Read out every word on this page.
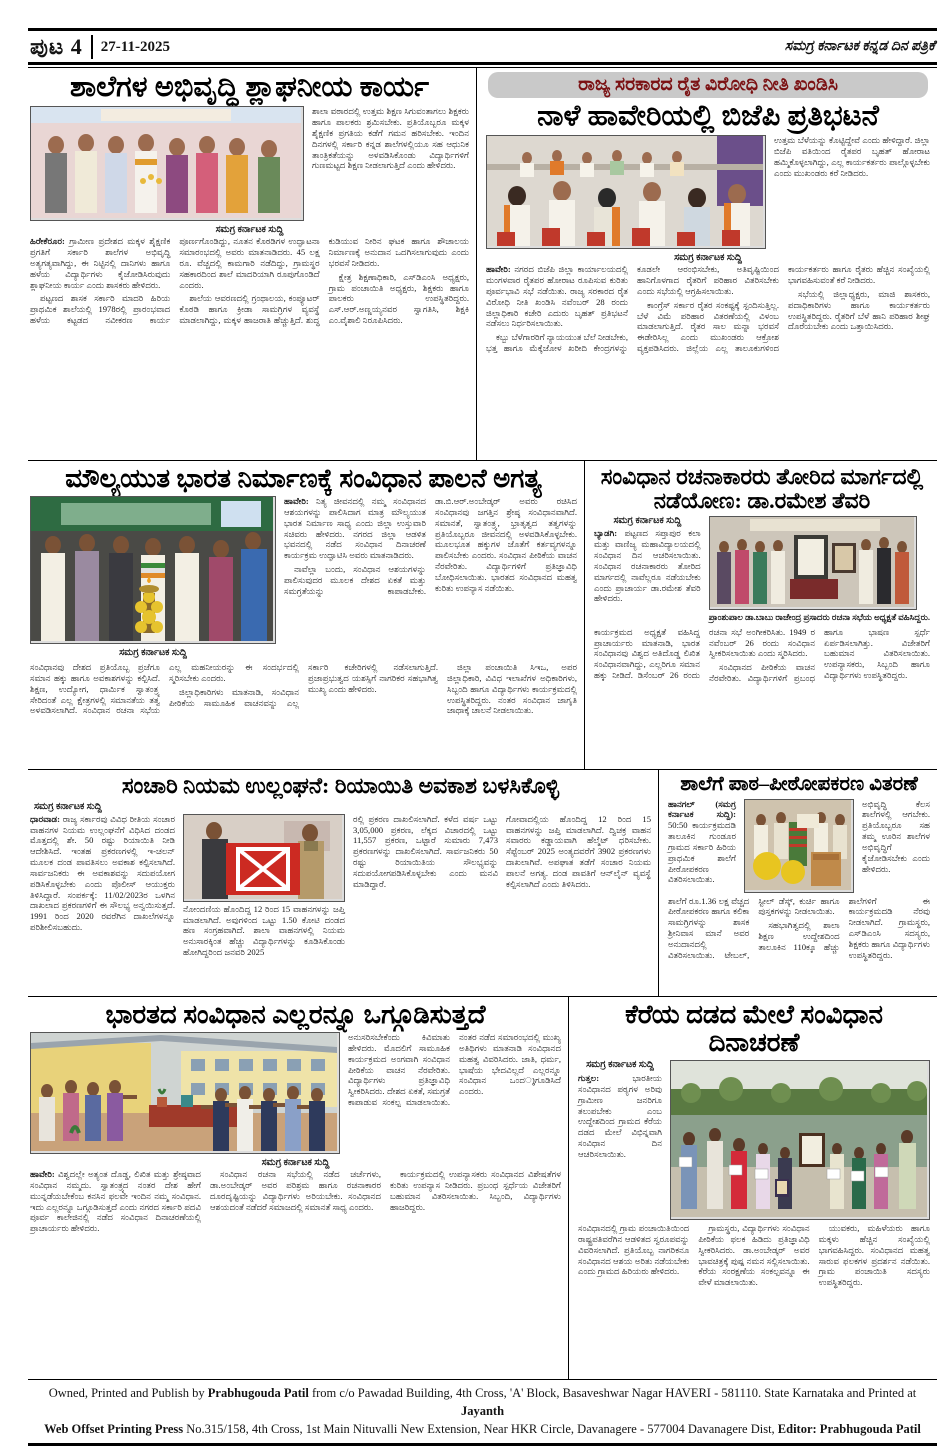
ಪುಟ 4 27-11-2025	ಸಮಗ್ರ ಕರ್ನಾಟಕ ಕನ್ನಡ ದಿನ ಪತ್ರಿಕೆ
ಶಾಲೆಗಳ ಅಭಿವೃದ್ಧಿ ಶ್ಲಾಘನೀಯ ಕಾರ್ಯ

ಶಾಲಾ ವಠಾರದಲ್ಲಿ ಉತ್ತಮ ಶಿಕ್ಷಣ ಸಿಗುವಂತಾಗಲು ಶಿಕ್ಷಕರು ಹಾಗೂ ಪಾಲಕರು ಶ್ರಮಿಸಬೇಕು. ಪ್ರತಿಯೊಬ್ಬರೂ ಮಕ್ಕಳ ಶೈಕ್ಷಣಿಕ ಪ್ರಗತಿಯ ಕಡೆಗೆ ಗಮನ ಹರಿಸಬೇಕು. ಇಂದಿನ ದಿನಗಳಲ್ಲಿ ಸರ್ಕಾರಿ ಕನ್ನಡ ಶಾಲೆಗಳಲ್ಲಿಯೂ ಸಹ ಆಧುನಿಕ ತಾಂತ್ರಿಕತೆಯನ್ನು ಅಳವಡಿಸಿಕೊಂಡು ವಿದ್ಯಾರ್ಥಿಗಳಿಗೆ ಗುಣಮಟ್ಟದ ಶಿಕ್ಷಣ ನೀಡಲಾಗುತ್ತಿದೆ ಎಂದು ಹೇಳಿದರು.

ಸಮಗ್ರ ಕರ್ನಾಟಕ ಸುದ್ದಿ

ಹಿರೇಕೆರೂರ: ಗ್ರಾಮೀಣ ಪ್ರದೇಶದ ಮಕ್ಕಳ ಶೈಕ್ಷಣಿಕ ಪ್ರಗತಿಗೆ ಸರ್ಕಾರಿ ಶಾಲೆಗಳ ಅಭಿವೃದ್ಧಿ ಅತ್ಯಗತ್ಯವಾಗಿದ್ದು, ಈ ನಿಟ್ಟಿನಲ್ಲಿ ದಾನಿಗಳು ಹಾಗೂ ಹಳೆಯ ವಿದ್ಯಾರ್ಥಿಗಳು ಕೈಜೋಡಿಸಿರುವುದು ಶ್ಲಾಘನೀಯ ಕಾರ್ಯ ಎಂದು ಶಾಸಕರು ಹೇಳಿದರು.

ಪಟ್ಟಣದ ಶಾಸಕ ಸರ್ಕಾರಿ ಮಾದರಿ ಹಿರಿಯ ಪ್ರಾಥಮಿಕ ಶಾಲೆಯಲ್ಲಿ 1978ರಲ್ಲಿ ಪ್ರಾರಂಭವಾದ ಹಳೆಯ ಕಟ್ಟಡದ ನವೀಕರಣ ಕಾರ್ಯ ಪೂರ್ಣಗೊಂಡಿದ್ದು, ನೂತನ ಕೊಠಡಿಗಳ ಉದ್ಘಾಟನಾ ಸಮಾರಂಭದಲ್ಲಿ ಅವರು ಮಾತನಾಡಿದರು. 45 ಲಕ್ಷ ರೂ. ವೆಚ್ಚದಲ್ಲಿ ಕಾಮಗಾರಿ ನಡೆದಿದ್ದು, ಗ್ರಾಮಸ್ಥರ ಸಹಕಾರದಿಂದ ಶಾಲೆ ಮಾದರಿಯಾಗಿ ರೂಪುಗೊಂಡಿದೆ ಎಂದರು.

ಶಾಲೆಯ ಆವರಣದಲ್ಲಿ ಗ್ರಂಥಾಲಯ, ಕಂಪ್ಯೂಟರ್ ಕೊಠಡಿ ಹಾಗೂ ಕ್ರೀಡಾ ಸಾಮಗ್ರಿಗಳ ವ್ಯವಸ್ಥೆ ಮಾಡಲಾಗಿದ್ದು, ಮಕ್ಕಳ ಹಾಜರಾತಿ ಹೆಚ್ಚುತ್ತಿದೆ. ಶುದ್ಧ ಕುಡಿಯುವ ನೀರಿನ ಘಟಕ ಹಾಗೂ ಶೌಚಾಲಯ ನಿರ್ಮಾಣಕ್ಕೆ ಅನುದಾನ ಒದಗಿಸಲಾಗುವುದು ಎಂದು ಭರವಸೆ ನೀಡಿದರು.

ಕ್ಷೇತ್ರ ಶಿಕ್ಷಣಾಧಿಕಾರಿ, ಎಸ್‌ಡಿಎಂಸಿ ಅಧ್ಯಕ್ಷರು, ಗ್ರಾಮ ಪಂಚಾಯಿತಿ ಅಧ್ಯಕ್ಷರು, ಶಿಕ್ಷಕರು ಹಾಗೂ ಪಾಲಕರು ಉಪಸ್ಥಿತರಿದ್ದರು. ಎಸ್.ಆರ್.ಅಣ್ಣಯ್ಯನವರ ಸ್ವಾಗತಿಸಿ, ಶಿಕ್ಷಕಿ ಎಂ.ವೈಶಾಲಿ ನಿರೂಪಿಸಿದರು.

ರಾಜ್ಯ ಸರಕಾರದ ರೈತ ವಿರೋಧಿ ನೀತಿ ಖಂಡಿಸಿ
ನಾಳೆ ಹಾವೇರಿಯಲ್ಲಿ ಬಿಜೆಪಿ ಪ್ರತಿಭಟನೆ

ಉತ್ತಮ ಬೆಳೆಯನ್ನು ಕೊಟ್ಟಿದ್ದೇವೆ ಎಂದು ಹೇಳಿದ್ದಾರೆ. ಜಿಲ್ಲಾ ಬಿಜೆಪಿ ವತಿಯಿಂದ ರೈತಪರ ಬೃಹತ್ ಹೋರಾಟ ಹಮ್ಮಿಕೊಳ್ಳಲಾಗಿದ್ದು, ಎಲ್ಲ ಕಾರ್ಯಕರ್ತರು ಪಾಲ್ಗೊಳ್ಳಬೇಕು ಎಂದು ಮುಖಂಡರು ಕರೆ ನೀಡಿದರು.

ಸಮಗ್ರ ಕರ್ನಾಟಕ ಸುದ್ದಿ

ಹಾವೇರಿ: ನಗರದ ಬಿಜೆಪಿ ಜಿಲ್ಲಾ ಕಾರ್ಯಾಲಯದಲ್ಲಿ ಮಂಗಳವಾರ ರೈತಪರ ಹೋರಾಟ ರೂಪಿಸುವ ಕುರಿತು ಪೂರ್ವಭಾವಿ ಸಭೆ ನಡೆಯಿತು. ರಾಜ್ಯ ಸರಕಾರದ ರೈತ ವಿರೋಧಿ ನೀತಿ ಖಂಡಿಸಿ ನವೆಂಬರ್ 28 ರಂದು ಜಿಲ್ಲಾಧಿಕಾರಿ ಕಚೇರಿ ಎದುರು ಬೃಹತ್ ಪ್ರತಿಭಟನೆ ನಡೆಸಲು ನಿರ್ಧರಿಸಲಾಯಿತು.

ಕಬ್ಬು ಬೆಳೆಗಾರರಿಗೆ ನ್ಯಾಯಯುತ ಬೆಲೆ ನೀಡಬೇಕು, ಭತ್ತ ಹಾಗೂ ಮೆಕ್ಕೆಜೋಳ ಖರೀದಿ ಕೇಂದ್ರಗಳನ್ನು ಕೂಡಲೇ ಆರಂಭಿಸಬೇಕು, ಅತಿವೃಷ್ಟಿಯಿಂದ ಹಾನಿಗೊಳಗಾದ ರೈತರಿಗೆ ಪರಿಹಾರ ವಿತರಿಸಬೇಕು ಎಂದು ಸಭೆಯಲ್ಲಿ ಆಗ್ರಹಿಸಲಾಯಿತು.

ಕಾಂಗ್ರೆಸ್ ಸರ್ಕಾರ ರೈತರ ಸಂಕಷ್ಟಕ್ಕೆ ಸ್ಪಂದಿಸುತ್ತಿಲ್ಲ. ಬೆಳೆ ವಿಮೆ ಪರಿಹಾರ ವಿತರಣೆಯಲ್ಲಿ ವಿಳಂಬ ಮಾಡಲಾಗುತ್ತಿದೆ. ರೈತರ ಸಾಲ ಮನ್ನಾ ಭರವಸೆ ಈಡೇರಿಸಿಲ್ಲ ಎಂದು ಮುಖಂಡರು ಆಕ್ರೋಶ ವ್ಯಕ್ತಪಡಿಸಿದರು. ಜಿಲ್ಲೆಯ ಎಲ್ಲ ತಾಲೂಕುಗಳಿಂದ ಕಾರ್ಯಕರ್ತರು ಹಾಗೂ ರೈತರು ಹೆಚ್ಚಿನ ಸಂಖ್ಯೆಯಲ್ಲಿ ಭಾಗವಹಿಸುವಂತೆ ಕರೆ ನೀಡಿದರು.

ಸಭೆಯಲ್ಲಿ ಜಿಲ್ಲಾಧ್ಯಕ್ಷರು, ಮಾಜಿ ಶಾಸಕರು, ಪದಾಧಿಕಾರಿಗಳು ಹಾಗೂ ಕಾರ್ಯಕರ್ತರು ಉಪಸ್ಥಿತರಿದ್ದರು. ರೈತರಿಗೆ ಬೆಳೆ ಹಾನಿ ಪರಿಹಾರ ಶೀಘ್ರ ದೊರೆಯಬೇಕು ಎಂದು ಒತ್ತಾಯಿಸಿದರು.

ಮೌಲ್ಯಯುತ ಭಾರತ ನಿರ್ಮಾಣಕ್ಕೆ ಸಂವಿಧಾನ ಪಾಲನೆ ಅಗತ್ಯ
ಸಮಗ್ರ ಕರ್ನಾಟಕ ಸುದ್ದಿ

ಹಾವೇರಿ: ನಿತ್ಯ ಜೀವನದಲ್ಲಿ ನಮ್ಮ ಸಂವಿಧಾನದ ಆಶಯಗಳನ್ನು ಪಾಲಿಸಿದಾಗ ಮಾತ್ರ ಮೌಲ್ಯಯುತ ಭಾರತ ನಿರ್ಮಾಣ ಸಾಧ್ಯ ಎಂದು ಜಿಲ್ಲಾ ಉಸ್ತುವಾರಿ ಸಚಿವರು ಹೇಳಿದರು. ನಗರದ ಜಿಲ್ಲಾ ಆಡಳಿತ ಭವನದಲ್ಲಿ ನಡೆದ ಸಂವಿಧಾನ ದಿನಾಚರಣೆ ಕಾರ್ಯಕ್ರಮ ಉದ್ಘಾಟಿಸಿ ಅವರು ಮಾತನಾಡಿದರು.

ನಾವೆಲ್ಲಾ ಬಂದು, ಸಂವಿಧಾನ ಆಶಯಗಳನ್ನು ಪಾಲಿಸುವುದರ ಮೂಲಕ ದೇಶದ ಏಕತೆ ಮತ್ತು ಸಮಗ್ರತೆಯನ್ನು ಕಾಪಾಡಬೇಕು. ಡಾ.ಬಿ.ಆರ್.ಅಂಬೇಡ್ಕರ್ ಅವರು ರಚಿಸಿದ ಸಂವಿಧಾನವು ಜಗತ್ತಿನ ಶ್ರೇಷ್ಠ ಸಂವಿಧಾನವಾಗಿದೆ. ಸಮಾನತೆ, ಸ್ವಾತಂತ್ರ್ಯ, ಭ್ರಾತೃತ್ವದ ತತ್ವಗಳನ್ನು ಪ್ರತಿಯೊಬ್ಬರೂ ಜೀವನದಲ್ಲಿ ಅಳವಡಿಸಿಕೊಳ್ಳಬೇಕು. ಮೂಲಭೂತ ಹಕ್ಕುಗಳ ಜೊತೆಗೆ ಕರ್ತವ್ಯಗಳನ್ನೂ ಪಾಲಿಸಬೇಕು ಎಂದರು. ಸಂವಿಧಾನ ಪೀಠಿಕೆಯ ವಾಚನ ನೆರವೇರಿತು. ವಿದ್ಯಾರ್ಥಿಗಳಿಗೆ ಪ್ರತಿಜ್ಞಾವಿಧಿ ಬೋಧಿಸಲಾಯಿತು. ಭಾರತದ ಸಂವಿಧಾನದ ಮಹತ್ವ ಕುರಿತು ಉಪನ್ಯಾಸ ನಡೆಯಿತು.

ಸಂವಿಧಾನವು ದೇಶದ ಪ್ರತಿಯೊಬ್ಬ ಪ್ರಜೆಗೂ ಸಮಾನ ಹಕ್ಕು ಹಾಗೂ ಅವಕಾಶಗಳನ್ನು ಕಲ್ಪಿಸಿದೆ. ಶಿಕ್ಷಣ, ಉದ್ಯೋಗ, ಧಾರ್ಮಿಕ ಸ್ವಾತಂತ್ರ್ಯ ಸೇರಿದಂತೆ ಎಲ್ಲ ಕ್ಷೇತ್ರಗಳಲ್ಲಿ ಸಮಾನತೆಯ ತತ್ವ ಅಳವಡಿಸಲಾಗಿದೆ. ಸಂವಿಧಾನ ರಚನಾ ಸಭೆಯ ಎಲ್ಲ ಮಹನೀಯರನ್ನು ಈ ಸಂದರ್ಭದಲ್ಲಿ ಸ್ಮರಿಸಬೇಕು ಎಂದರು.

ಜಿಲ್ಲಾಧಿಕಾರಿಗಳು ಮಾತನಾಡಿ, ಸಂವಿಧಾನ ಪೀಠಿಕೆಯ ಸಾಮೂಹಿಕ ವಾಚನವನ್ನು ಎಲ್ಲ ಸರ್ಕಾರಿ ಕಚೇರಿಗಳಲ್ಲಿ ನಡೆಸಲಾಗುತ್ತಿದೆ. ಪ್ರಜಾಪ್ರಭುತ್ವದ ಯಶಸ್ಸಿಗೆ ನಾಗರಿಕರ ಸಹಭಾಗಿತ್ವ ಮುಖ್ಯ ಎಂದು ಹೇಳಿದರು.

ಜಿಲ್ಲಾ ಪಂಚಾಯಿತಿ ಸಿಇಒ, ಅಪರ ಜಿಲ್ಲಾಧಿಕಾರಿ, ವಿವಿಧ ಇಲಾಖೆಗಳ ಅಧಿಕಾರಿಗಳು, ಸಿಬ್ಬಂದಿ ಹಾಗೂ ವಿದ್ಯಾರ್ಥಿಗಳು ಕಾರ್ಯಕ್ರಮದಲ್ಲಿ ಉಪಸ್ಥಿತರಿದ್ದರು. ನಂತರ ಸಂವಿಧಾನ ಜಾಗೃತಿ ಜಾಥಾಕ್ಕೆ ಚಾಲನೆ ನೀಡಲಾಯಿತು.

ಸಂವಿಧಾನ ರಚನಾಕಾರರು ತೋರಿದ ಮಾರ್ಗದಲ್ಲಿ
ನಡೆಯೋಣ: ಡಾ.ರಮೇಶ ತೆವರಿ
ಸಮಗ್ರ ಕರ್ನಾಟಕ ಸುದ್ದಿ

ಬ್ಯಾಡಗಿ: ಪಟ್ಟಣದ ಸಪ್ತಾಪುರ ಕಲಾ ಮತ್ತು ವಾಣಿಜ್ಯ ಮಹಾವಿದ್ಯಾಲಯದಲ್ಲಿ ಸಂವಿಧಾನ ದಿನ ಆಚರಿಸಲಾಯಿತು. ಸಂವಿಧಾನ ರಚನಾಕಾರರು ತೋರಿದ ಮಾರ್ಗದಲ್ಲಿ ನಾವೆಲ್ಲರೂ ನಡೆಯಬೇಕು ಎಂದು ಪ್ರಾಚಾರ್ಯ ಡಾ.ರಮೇಶ ತೆವರಿ ಹೇಳಿದರು.

ಪ್ರಾಂಶುಪಾಲ ಡಾ.ಬಾಬು ರಾಜೇಂದ್ರ ಪ್ರಸಾದರು ರಚನಾ ಸಭೆಯ ಅಧ್ಯಕ್ಷತೆ ವಹಿಸಿದ್ದರು.

ಕಾರ್ಯಕ್ರಮದ ಅಧ್ಯಕ್ಷತೆ ವಹಿಸಿದ್ದ ಪ್ರಾಚಾರ್ಯರು ಮಾತನಾಡಿ, ಭಾರತ ಸಂವಿಧಾನವು ವಿಶ್ವದ ಅತಿದೊಡ್ಡ ಲಿಖಿತ ಸಂವಿಧಾನವಾಗಿದ್ದು, ಎಲ್ಲರಿಗೂ ಸಮಾನ ಹಕ್ಕು ನೀಡಿದೆ. ಡಿಸೆಂಬರ್ 26 ರಂದು ರಚನಾ ಸಭೆ ಅಂಗೀಕರಿಸಿತು. 1949 ರ ನವೆಂಬರ್ 26 ರಂದು ಸಂವಿಧಾನ ಸ್ವೀಕರಿಸಲಾಯಿತು ಎಂದು ಸ್ಮರಿಸಿದರು.

ಸಂವಿಧಾನದ ಪೀಠಿಕೆಯ ವಾಚನ ನೆರವೇರಿತು. ವಿದ್ಯಾರ್ಥಿಗಳಿಗೆ ಪ್ರಬಂಧ ಹಾಗೂ ಭಾಷಣ ಸ್ಪರ್ಧೆ ಏರ್ಪಡಿಸಲಾಗಿತ್ತು. ವಿಜೇತರಿಗೆ ಬಹುಮಾನ ವಿತರಿಸಲಾಯಿತು. ಉಪನ್ಯಾಸಕರು, ಸಿಬ್ಬಂದಿ ಹಾಗೂ ವಿದ್ಯಾರ್ಥಿಗಳು ಉಪಸ್ಥಿತರಿದ್ದರು.

ಸಂಚಾರಿ ನಿಯಮ ಉಲ್ಲಂಘನೆ: ರಿಯಾಯಿತಿ ಅವಕಾಶ ಬಳಸಿಕೊಳ್ಳಿ
ಸಮಗ್ರ ಕರ್ನಾಟಕ ಸುದ್ದಿ

ಧಾರವಾಡ: ರಾಜ್ಯ ಸರ್ಕಾರವು ವಿವಿಧ ರೀತಿಯ ಸಂಚಾರ ವಾಹನಗಳ ನಿಯಮ ಉಲ್ಲಂಘನೆಗೆ ವಿಧಿಸಿದ ದಂಡದ ಮೊತ್ತದಲ್ಲಿ ಶೇ. 50 ರಷ್ಟು ರಿಯಾಯಿತಿ ನೀಡಿ ಆದೇಶಿಸಿದೆ. ಇಂತಹ ಪ್ರಕರಣಗಳಲ್ಲಿ ಇ-ಚಲನ್ ಮೂಲಕ ದಂಡ ಪಾವತಿಸಲು ಅವಕಾಶ ಕಲ್ಪಿಸಲಾಗಿದೆ. ಸಾರ್ವಜನಿಕರು ಈ ಅವಕಾಶವನ್ನು ಸದುಪಯೋಗ ಪಡಿಸಿಕೊಳ್ಳಬೇಕು ಎಂದು ಪೊಲೀಸ್ ಆಯುಕ್ತರು ತಿಳಿಸಿದ್ದಾರೆ. ಸಂಪರ್ಕಕ್ಕೆ: 11/02/2023ರ ಒಳಗಿನ ದಾಖಲಾದ ಪ್ರಕರಣಗಳಿಗೆ ಈ ಸೌಲಭ್ಯ ಅನ್ವಯಿಸುತ್ತದೆ. 1991 ರಿಂದ 2020 ರವರೆಗಿನ ದಾಖಲೆಗಳನ್ನೂ ಪರಿಶೀಲಿಸಬಹುದು.

ನೋಂದಣಿಯ ಹೊಂದಿದ್ದ 12 ರಿಂದ 15 ವಾಹನಗಳನ್ನು ಜಪ್ತಿ ಮಾಡಲಾಗಿದೆ. ಅವುಗಳಿಂದ ಒಟ್ಟು 1.50 ಕೋಟಿ ದಂಡದ ಹಣ ಸಂಗ್ರಹವಾಗಿದೆ. ಶಾಲಾ ವಾಹನಗಳಲ್ಲಿ ನಿಯಮ ಅನುಸಾರಕ್ಕಿಂತ ಹೆಚ್ಚು ವಿದ್ಯಾರ್ಥಿಗಳನ್ನು ಕೂಡಿಸಿಕೊಂಡು ಹೋಗಿದ್ದರಿಂದ ಜನವರಿ 2025

ರಲ್ಲಿ ಪ್ರಕರಣ ದಾಖಲಿಸಲಾಗಿದೆ. ಕಳೆದ ವರ್ಷ ಒಟ್ಟು 3,05,000 ಪ್ರಕರಣ, ಲೆಕ್ಕದ ವಿಚಾರದಲ್ಲಿ ಒಟ್ಟು 11,557 ಪ್ರಕರಣ, ಒಟ್ಟಾರೆ ಸುಮಾರು 7,473 ಪ್ರಕರಣಗಳನ್ನು ದಾಖಲಿಸಲಾಗಿದೆ. ಸಾರ್ವಜನಿಕರು 50 ರಷ್ಟು ರಿಯಾಯಿತಿಯ ಸೌಲಭ್ಯವನ್ನು ಸದುಪಯೋಗಪಡಿಸಿಕೊಳ್ಳಬೇಕು ಎಂದು ಮನವಿ ಮಾಡಿದ್ದಾರೆ.

ಗೋವಾದಲ್ಲಿಯ ಹೊಂದಿದ್ದ 12 ರಿಂದ 15 ವಾಹನಗಳನ್ನು ಜಪ್ತಿ ಮಾಡಲಾಗಿದೆ. ದ್ವಿಚಕ್ರ ವಾಹನ ಸವಾರರು ಕಡ್ಡಾಯವಾಗಿ ಹೆಲ್ಮೆಟ್ ಧರಿಸಬೇಕು. ಸೆಪ್ಟೆಂಬರ್ 2025 ಅಂತ್ಯದವರೆಗೆ 3902 ಪ್ರಕರಣಗಳು ದಾಖಲಾಗಿವೆ. ಅಪಘಾತ ತಡೆಗೆ ಸಂಚಾರ ನಿಯಮ ಪಾಲನೆ ಅಗತ್ಯ. ದಂಡ ಪಾವತಿಗೆ ಆನ್‌ಲೈನ್ ವ್ಯವಸ್ಥೆ ಕಲ್ಪಿಸಲಾಗಿದೆ ಎಂದು ತಿಳಿಸಿದರು.

ಶಾಲೆಗೆ ಪಾಠ–ಪೀಠೋಪಕರಣ ವಿತರಣೆ

ಹಾನಗಲ್ (ಸಮಗ್ರ ಕರ್ನಾಟಕ ಸುದ್ದಿ): 50:50 ಕಾರ್ಯಕ್ರಮದಡಿ ತಾಲೂಕಿನ ಗುಂಡೂರ ಗ್ರಾಮದ ಸರ್ಕಾರಿ ಹಿರಿಯ ಪ್ರಾಥಮಿಕ ಶಾಲೆಗೆ ಪೀಠೋಪಕರಣ ವಿತರಿಸಲಾಯಿತು.

ಅಭಿವೃದ್ಧಿ ಕೆಲಸ ಶಾಲೆಗಳಲ್ಲಿ ಆಗಬೇಕು. ಪ್ರತಿಯೊಬ್ಬರೂ ಸಹ ತಮ್ಮ ಊರಿನ ಶಾಲೆಗಳ ಅಭಿವೃದ್ಧಿಗೆ ಕೈಜೋಡಿಸಬೇಕು ಎಂದು ಹೇಳಿದರು.

ಶಾಲೆಗೆ ರೂ.1.36 ಲಕ್ಷ ವೆಚ್ಚದ ಪೀಠೋಪಕರಣ ಹಾಗೂ ಕಲಿಕಾ ಸಾಮಗ್ರಿಗಳನ್ನು ಶಾಸಕ ಶ್ರೀನಿವಾಸ ಮಾನೆ ಅವರ ಅನುದಾನದಲ್ಲಿ ವಿತರಿಸಲಾಯಿತು. ಟೇಬಲ್, ಸ್ಟೀಲ್ ಡೆಸ್ಕ್, ಕುರ್ಚಿ ಹಾಗೂ ಪುಸ್ತಕಗಳನ್ನು ನೀಡಲಾಯಿತು.

ಸಹಭಾಗಿತ್ವದಲ್ಲಿ ಶಾಲಾ ಶಿಕ್ಷಣ ಉದ್ದೇಶದಿಂದ ತಾಲೂಕಿನ 110ಕ್ಕೂ ಹೆಚ್ಚು ಶಾಲೆಗಳಿಗೆ ಈ ಕಾರ್ಯಕ್ರಮದಡಿ ನೆರವು ನೀಡಲಾಗಿದೆ. ಗ್ರಾಮಸ್ಥರು, ಎಸ್‌ಡಿಎಂಸಿ ಸದಸ್ಯರು, ಶಿಕ್ಷಕರು ಹಾಗೂ ವಿದ್ಯಾರ್ಥಿಗಳು ಉಪಸ್ಥಿತರಿದ್ದರು.

ಭಾರತದ ಸಂವಿಧಾನ ಎಲ್ಲರನ್ನೂ ಒಗ್ಗೂಡಿಸುತ್ತದೆ

ಅನುಸರಿಸಬೇಕೆಂದು ಕಿವಿಮಾತು ಹೇಳಿದರು. ಮೊದಲಿಗೆ ಸಾಮೂಹಿಕ ಕಾರ್ಯಕ್ರಮದ ಅಂಗವಾಗಿ ಸಂವಿಧಾನ ಪೀಠಿಕೆಯ ವಾಚನ ನೆರವೇರಿತು. ವಿದ್ಯಾರ್ಥಿಗಳು ಪ್ರತಿಜ್ಞಾವಿಧಿ ಸ್ವೀಕರಿಸಿದರು. ದೇಶದ ಏಕತೆ, ಸಮಗ್ರತೆ ಕಾಪಾಡುವ ಸಂಕಲ್ಪ ಮಾಡಲಾಯಿತು. ನಂತರ ನಡೆದ ಸಮಾರಂಭದಲ್ಲಿ ಮುಖ್ಯ ಅತಿಥಿಗಳು ಮಾತನಾಡಿ ಸಂವಿಧಾನದ ಮಹತ್ವ ವಿವರಿಸಿದರು. ಜಾತಿ, ಧರ್ಮ, ಭಾಷೆಯ ಭೇದವಿಲ್ಲದೆ ಎಲ್ಲರನ್ನೂ ಸಂವಿಧಾನ ಒಂದുಗೂಡಿಸಿದೆ ಎಂದರು.

ಸಮಗ್ರ ಕರ್ನಾಟಕ ಸುದ್ದಿ

ಹಾವೇರಿ: ವಿಶ್ವದಲ್ಲೇ ಅತ್ಯಂತ ದೊಡ್ಡ, ಲಿಖಿತ ಮತ್ತು ಶ್ರೇಷ್ಠವಾದ ಸಂವಿಧಾನ ನಮ್ಮದು. ಸ್ವಾತಂತ್ರ್ಯದ ನಂತರ ದೇಶ ಹೇಗೆ ಮುನ್ನಡೆಯಬೇಕೆಂಬ ಕನಸಿನ ಫಲವೇ ಇಂದಿನ ನಮ್ಮ ಸಂವಿಧಾನ. ಇದು ಎಲ್ಲರನ್ನೂ ಒಗ್ಗೂಡಿಸುತ್ತದೆ ಎಂದು ನಗರದ ಸರ್ಕಾರಿ ಪದವಿ ಪೂರ್ವ ಕಾಲೇಜಿನಲ್ಲಿ ನಡೆದ ಸಂವಿಧಾನ ದಿನಾಚರಣೆಯಲ್ಲಿ ಪ್ರಾಚಾರ್ಯರು ಹೇಳಿದರು.

ಸಂವಿಧಾನ ರಚನಾ ಸಭೆಯಲ್ಲಿ ನಡೆದ ಚರ್ಚೆಗಳು, ಡಾ.ಅಂಬೇಡ್ಕರ್ ಅವರ ಪರಿಶ್ರಮ ಹಾಗೂ ರಚನಾಕಾರರ ದೂರದೃಷ್ಟಿಯನ್ನು ವಿದ್ಯಾರ್ಥಿಗಳು ಅರಿಯಬೇಕು. ಸಂವಿಧಾನದ ಆಶಯದಂತೆ ನಡೆದರೆ ಸಮಾಜದಲ್ಲಿ ಸಮಾನತೆ ಸಾಧ್ಯ ಎಂದರು.

ಕಾರ್ಯಕ್ರಮದಲ್ಲಿ ಉಪನ್ಯಾಸಕರು ಸಂವಿಧಾನದ ವಿಶೇಷತೆಗಳ ಕುರಿತು ಉಪನ್ಯಾಸ ನೀಡಿದರು. ಪ್ರಬಂಧ ಸ್ಪರ್ಧೆಯ ವಿಜೇತರಿಗೆ ಬಹುಮಾನ ವಿತರಿಸಲಾಯಿತು. ಸಿಬ್ಬಂದಿ, ವಿದ್ಯಾರ್ಥಿಗಳು ಹಾಜರಿದ್ದರು.

ಕೆರೆಯ ದಡದ ಮೇಲೆ ಸಂವಿಧಾನ ದಿನಾಚರಣೆ
ಸಮಗ್ರ ಕರ್ನಾಟಕ ಸುದ್ದಿ

ಗುತ್ತಲ:	ಭಾರತೀಯ ಸಂವಿಧಾನದ ಪಠ್ಯಗಳ ಅರಿವು ಗ್ರಾಮೀಣ ಜನರಿಗೂ ತಲುಪಬೇಕು ಎಂಬ ಉದ್ದೇಶದಿಂದ ಗ್ರಾಮದ ಕೆರೆಯ ದಡದ ಮೇಲೆ ವಿಭಿನ್ನವಾಗಿ ಸಂವಿಧಾನ ದಿನ ಆಚರಿಸಲಾಯಿತು.

ಸಂವಿಧಾನದಲ್ಲಿ ಗ್ರಾಮ ಪಂಚಾಯಿತಿಯಿಂದ ರಾಷ್ಟ್ರಪತಿವರೆಗಿನ ಆಡಳಿತದ ಸ್ವರೂಪವನ್ನು ವಿವರಿಸಲಾಗಿದೆ. ಪ್ರತಿಯೊಬ್ಬ ನಾಗರಿಕನೂ ಸಂವಿಧಾನದ ಆಶಯ ಅರಿತು ನಡೆಯಬೇಕು ಎಂದು ಗ್ರಾಮದ ಹಿರಿಯರು ಹೇಳಿದರು.

ಗ್ರಾಮಸ್ಥರು, ವಿದ್ಯಾರ್ಥಿಗಳು ಸಂವಿಧಾನ ಪೀಠಿಕೆಯ ಫಲಕ ಹಿಡಿದು ಪ್ರತಿಜ್ಞಾವಿಧಿ ಸ್ವೀಕರಿಸಿದರು. ಡಾ.ಅಂಬೇಡ್ಕರ್ ಅವರ ಭಾವಚಿತ್ರಕ್ಕೆ ಪುಷ್ಪ ನಮನ ಸಲ್ಲಿಸಲಾಯಿತು. ಕೆರೆಯ ಸಂರಕ್ಷಣೆಯ ಸಂಕಲ್ಪವನ್ನೂ ಈ ವೇಳೆ ಮಾಡಲಾಯಿತು.

ಯುವಕರು, ಮಹಿಳೆಯರು ಹಾಗೂ ಮಕ್ಕಳು ಹೆಚ್ಚಿನ ಸಂಖ್ಯೆಯಲ್ಲಿ ಭಾಗವಹಿಸಿದ್ದರು. ಸಂವಿಧಾನದ ಮಹತ್ವ ಸಾರುವ ಫಲಕಗಳ ಪ್ರದರ್ಶನ ನಡೆಯಿತು. ಗ್ರಾಮ ಪಂಚಾಯಿತಿ ಸದಸ್ಯರು ಉಪಸ್ಥಿತರಿದ್ದರು.

Owned, Printed and Publish by Prabhugouda Patil from c/o Pawadad Building, 4th Cross, 'A' Block, Basaveshwar Nagar HAVERI - 581110. State Karnataka and Printed at Jayanth
Web Offset Printing Press No.315/158, 4th Cross, 1st Main Nituvalli New Extension, Near HKR Circle, Davanagere - 577004 Davanagere Dist, Editor: Prabhugouda Patil
